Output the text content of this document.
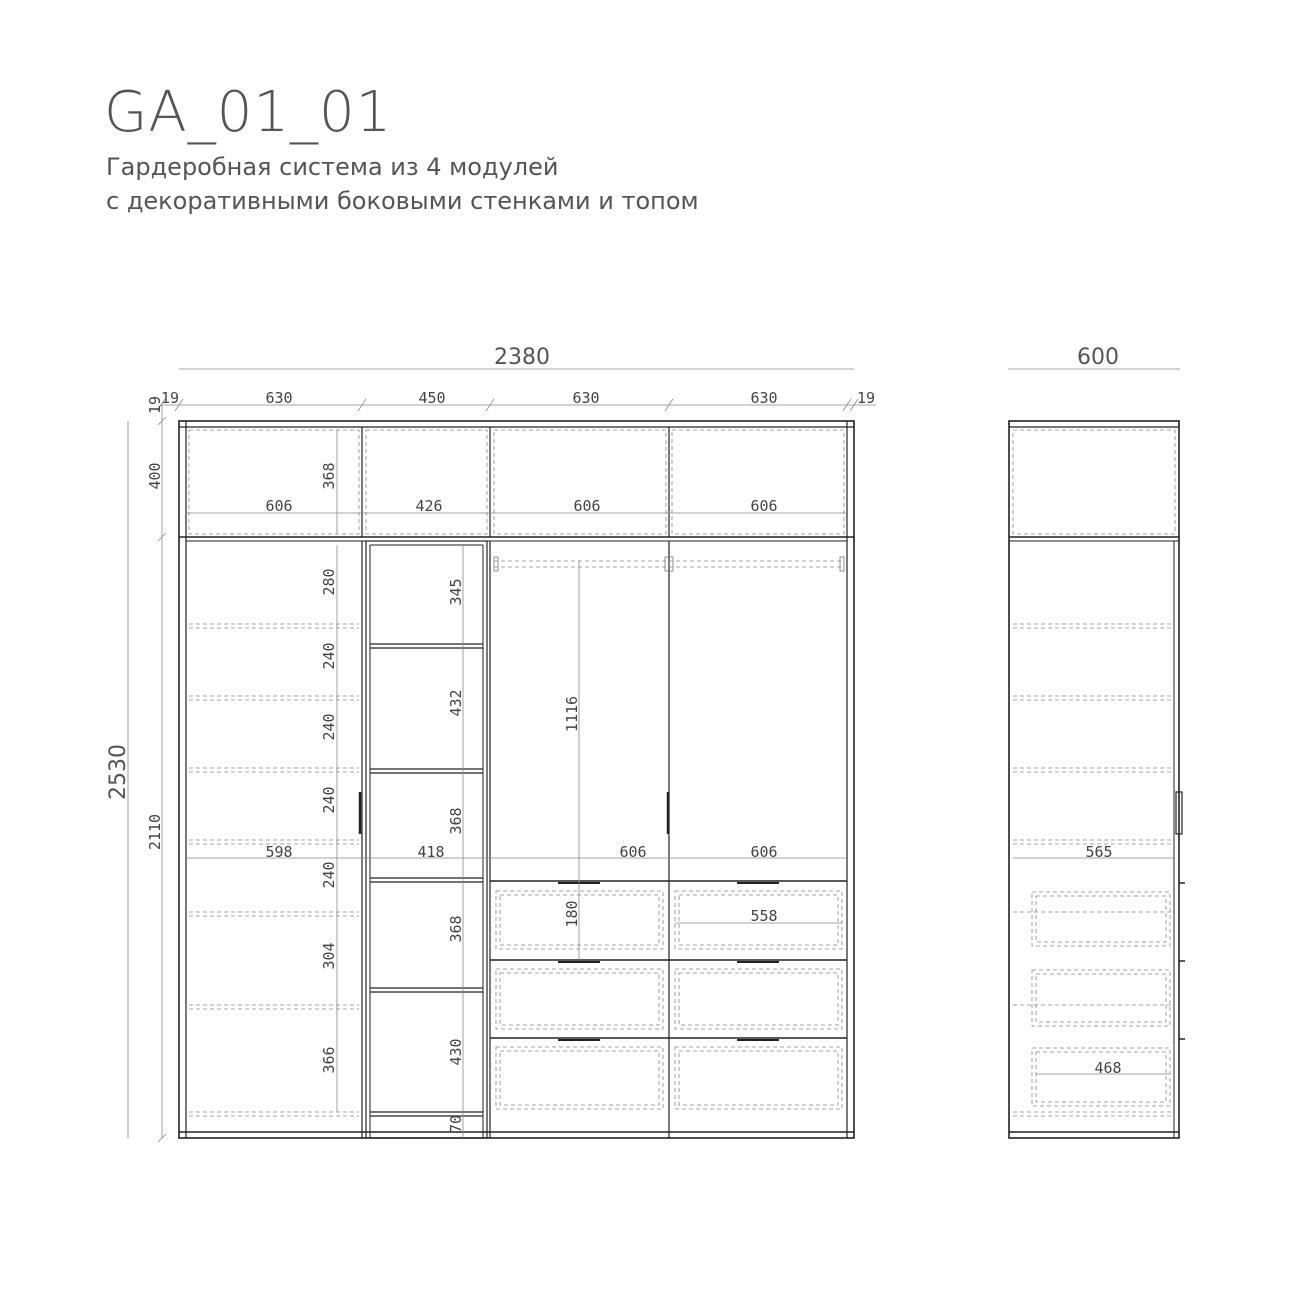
GA_01_01
Гардеробная система из 4 модулей
с декоративными боковыми стенками и топом
2380
2530
19	19
630	450	630	630
19
400
2110
368
606	426	606	606
280
240
240
240
240
304
366
598
345
432
368
368
430
70
418
1116
606	606
180	558
600
565
468
